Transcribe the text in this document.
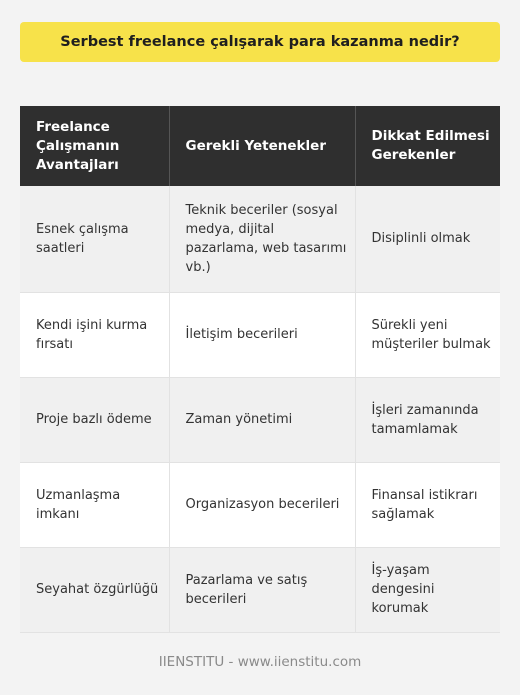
Serbest freelance çalışarak para kazanma nedir?
Freelance Çalışmanın Avantajları	Gerekli Yetenekler	Dikkat Edilmesi Gerekenler
Esnek çalışma saatleri	Teknik beceriler (sosyal medya, dijital pazarlama, web tasarımı vb.)	Disiplinli olmak
Kendi işini kurma fırsatı	İletişim becerileri	Sürekli yeni müşteriler bulmak
Proje bazlı ödeme	Zaman yönetimi	İşleri zamanında tamamlamak
Uzmanlaşma imkanı	Organizasyon becerileri	Finansal istikrarı sağlamak
Seyahat özgürlüğü	Pazarlama ve satış becerileri	İş-yaşam dengesini korumak
IIENSTITU - www.iienstitu.com
